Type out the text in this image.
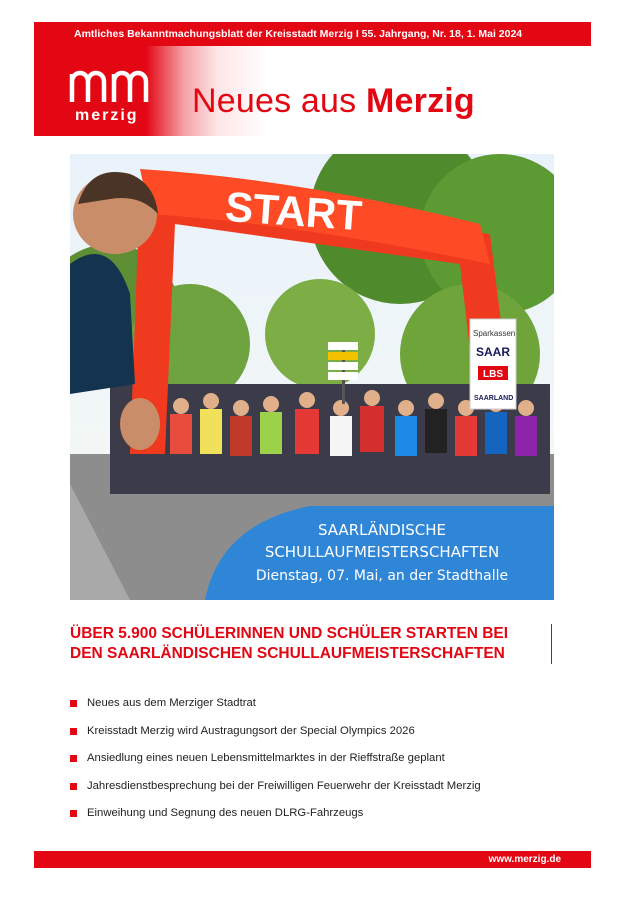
Amtliches Bekanntmachungsblatt der Kreisstadt Merzig I 55. Jahrgang, Nr. 18, 1. Mai 2024
merzig Neues aus Merzig
START
Sparkassen
SAAR
LBS
SAARLAND
SAARLÄNDISCHE
SCHULLAUFMEISTERSCHAFTEN
Dienstag, 07. Mai, an der Stadthalle
ÜBER 5.900 SCHÜLERINNEN UND SCHÜLER STARTEN BEI
DEN SAARLÄNDISCHEN SCHULLAUFMEISTERSCHAFTEN
Neues aus dem Merziger Stadtrat
Kreisstadt Merzig wird Austragungsort der Special Olympics 2026
Ansiedlung eines neuen Lebensmittelmarktes in der Rieffstraße geplant
Jahresdienstbesprechung bei der Freiwilligen Feuerwehr der Kreisstadt Merzig
Einweihung und Segnung des neuen DLRG-Fahrzeugs
www.merzig.de
